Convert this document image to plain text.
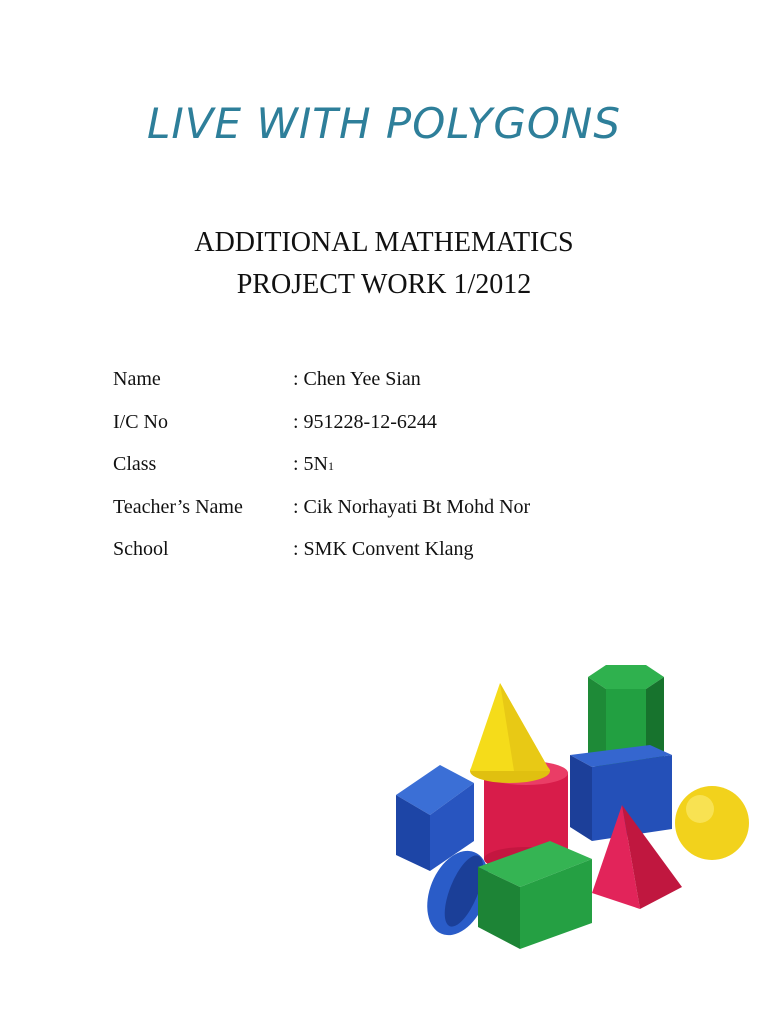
LIVE WITH POLYGONS
ADDITIONAL MATHEMATICS
PROJECT WORK 1/2012
Name	: Chen Yee Sian
I/C No	: 951228-12-6244
Class	: 5N1
Teacher’s Name	: Cik Norhayati Bt Mohd Nor
School	: SMK Convent Klang
